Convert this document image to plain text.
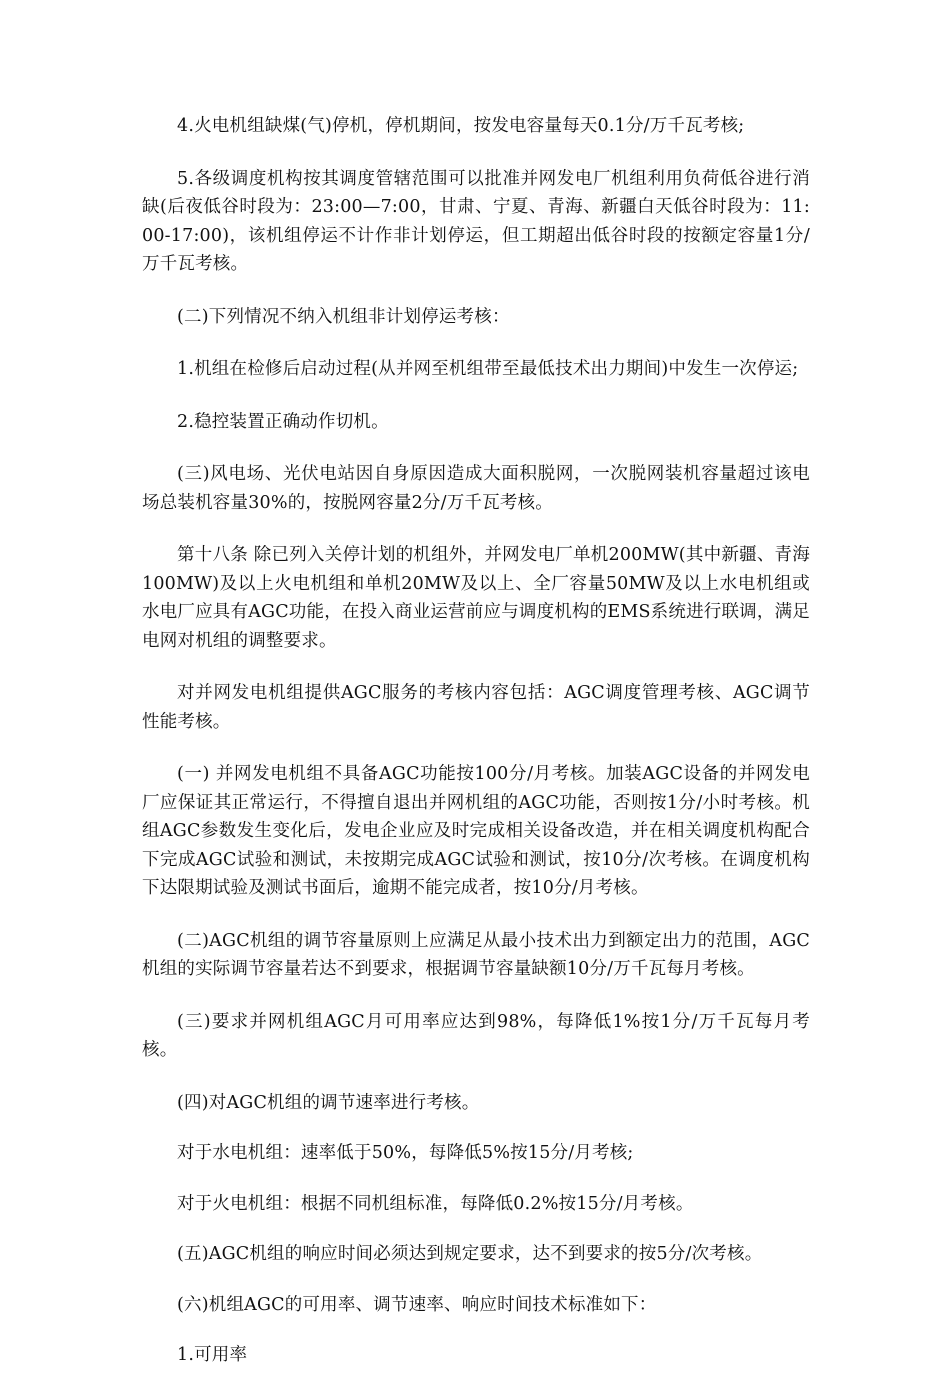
4.火电机组缺煤(气)停机，停机期间，按发电容量每天0.1分/万千瓦考核;

5.各级调度机构按其调度管辖范围可以批准并网发电厂机组利用负荷低谷进行消缺(后夜低谷时段为：23:00—7:00，甘肃、宁夏、青海、新疆白天低谷时段为：11:00-17:00)，该机组停运不计作非计划停运，但工期超出低谷时段的按额定容量1分/万千瓦考核。

(二)下列情况不纳入机组非计划停运考核：

1.机组在检修后启动过程(从并网至机组带至最低技术出力期间)中发生一次停运;

2.稳控装置正确动作切机。

(三)风电场、光伏电站因自身原因造成大面积脱网，一次脱网装机容量超过该电场总装机容量30%的，按脱网容量2分/万千瓦考核。

第十八条 除已列入关停计划的机组外，并网发电厂单机200MW(其中新疆、青海100MW)及以上火电机组和单机20MW及以上、全厂容量50MW及以上水电机组或水电厂应具有AGC功能，在投入商业运营前应与调度机构的EMS系统进行联调，满足电网对机组的调整要求。

对并网发电机组提供AGC服务的考核内容包括：AGC调度管理考核、AGC调节性能考核。

(一) 并网发电机组不具备AGC功能按100分/月考核。加装AGC设备的并网发电厂应保证其正常运行，不得擅自退出并网机组的AGC功能，否则按1分/小时考核。机组AGC参数发生变化后，发电企业应及时完成相关设备改造，并在相关调度机构配合下完成AGC试验和测试，未按期完成AGC试验和测试，按10分/次考核。在调度机构下达限期试验及测试书面后，逾期不能完成者，按10分/月考核。

(二)AGC机组的调节容量原则上应满足从最小技术出力到额定出力的范围，AGC机组的实际调节容量若达不到要求，根据调节容量缺额10分/万千瓦每月考核。

(三)要求并网机组AGC月可用率应达到98%，每降低1%按1分/万千瓦每月考核。

(四)对AGC机组的调节速率进行考核。

对于水电机组：速率低于50%，每降低5%按15分/月考核;

对于火电机组：根据不同机组标准，每降低0.2%按15分/月考核。

(五)AGC机组的响应时间必须达到规定要求，达不到要求的按5分/次考核。

(六)机组AGC的可用率、调节速率、响应时间技术标准如下：

1.可用率
